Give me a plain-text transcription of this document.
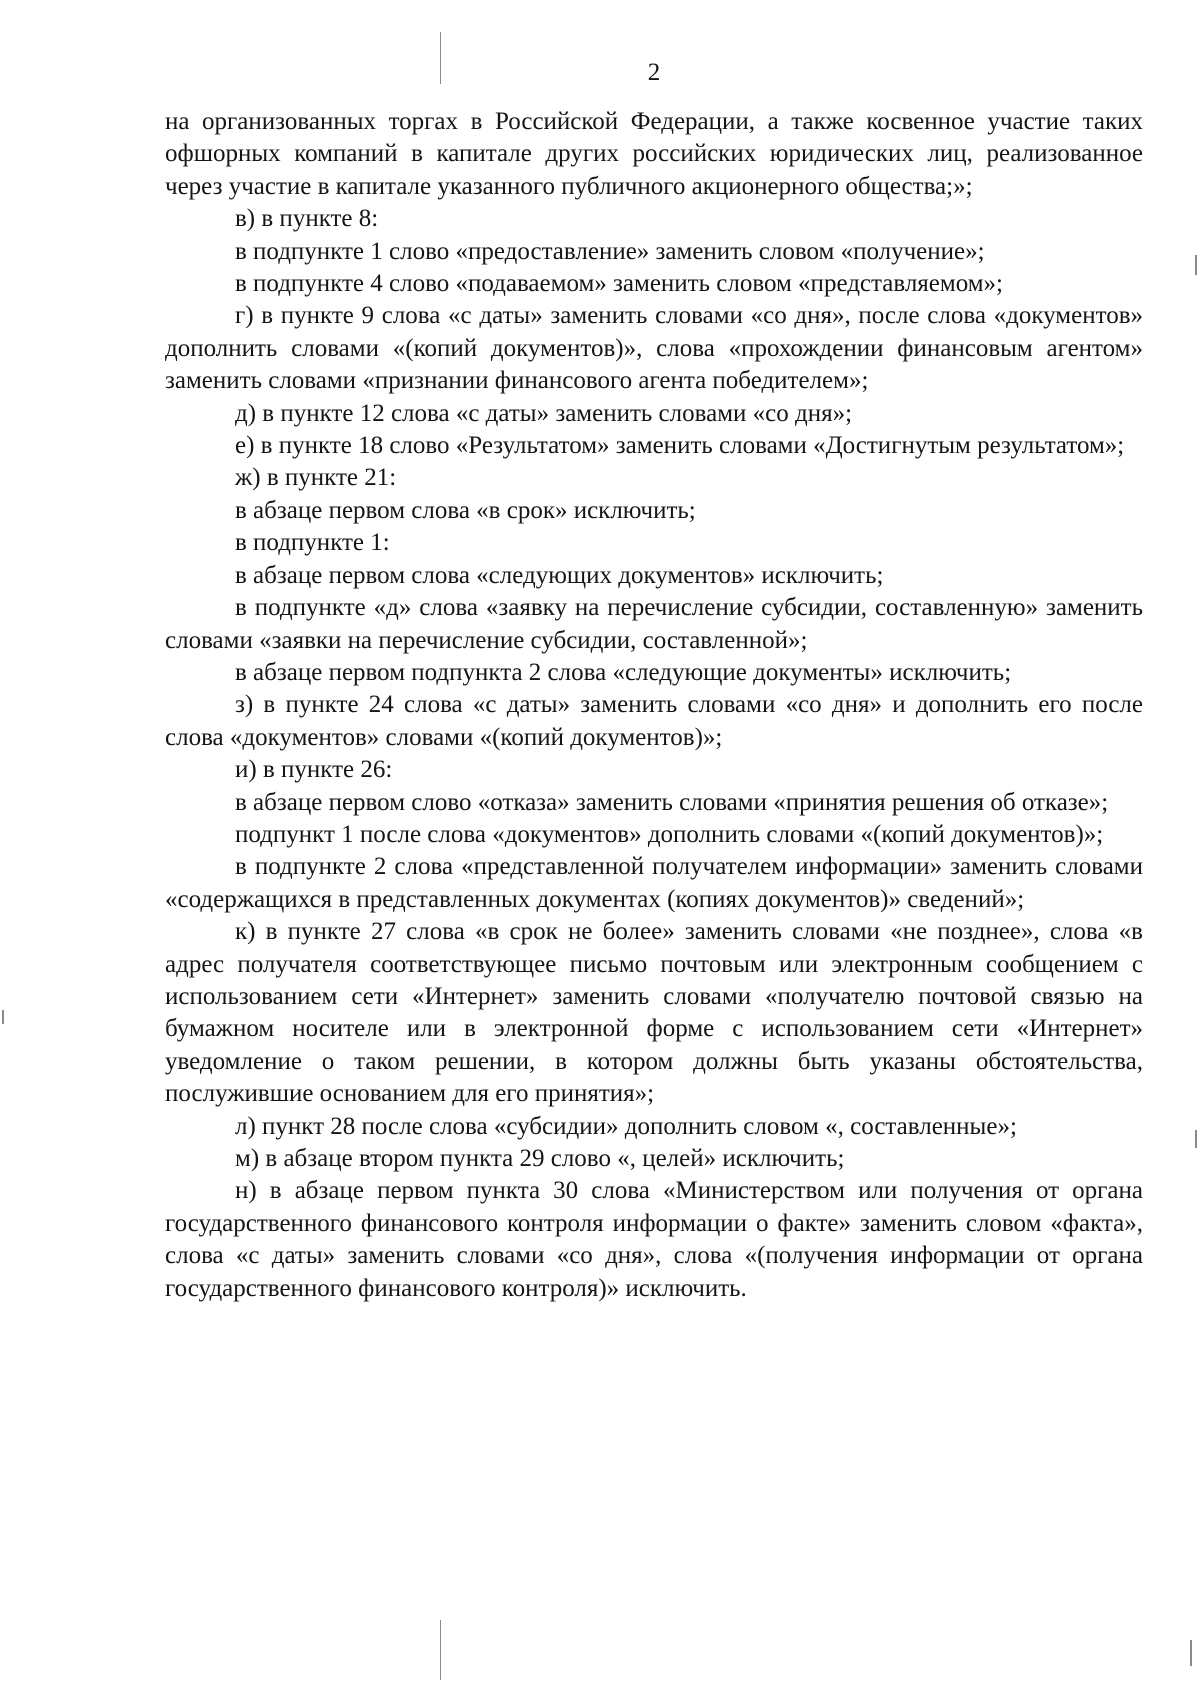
2

на организованных торгах в Российской Федерации, а также косвенное участие таких офшорных компаний в капитале других российских юридических лиц, реализованное через участие в капитале указанного публичного акционерного общества;»;

в) в пункте 8:

в подпункте 1 слово «предоставление» заменить словом «получение»;

в подпункте 4 слово «подаваемом» заменить словом «представляемом»;

г) в пункте 9 слова «с даты» заменить словами «со дня», после слова «документов» дополнить словами «(копий документов)», слова «прохождении финансовым агентом» заменить словами «признании финансового агента победителем»;

д) в пункте 12 слова «с даты» заменить словами «со дня»;

е) в пункте 18 слово «Результатом» заменить словами «Достигнутым результатом»;

ж) в пункте 21:

в абзаце первом слова «в срок» исключить;

в подпункте 1:

в абзаце первом слова «следующих документов» исключить;

в подпункте «д» слова «заявку на перечисление субсидии, составленную» заменить словами «заявки на перечисление субсидии, составленной»;

в абзаце первом подпункта 2 слова «следующие документы» исключить;

з) в пункте 24 слова «с даты» заменить словами «со дня» и дополнить его после слова «документов» словами «(копий документов)»;

и) в пункте 26:

в абзаце первом слово «отказа» заменить словами «принятия решения об отказе»;

подпункт 1 после слова «документов» дополнить словами «(копий документов)»;

в подпункте 2 слова «представленной получателем информации» заменить словами «содержащихся в представленных документах (копиях документов)» сведений»;

к) в пункте 27 слова «в срок не более» заменить словами «не позднее», слова «в адрес получателя соответствующее письмо почтовым или электронным сообщением с использованием сети «Интернет» заменить словами «получателю почтовой связью на бумажном носителе или в электронной форме с использованием сети «Интернет» уведомление о таком решении, в котором должны быть указаны обстоятельства, послужившие основанием для его принятия»;

л) пункт 28 после слова «субсидии» дополнить словом «, составленные»;

м) в абзаце втором пункта 29 слово «, целей» исключить;

н) в абзаце первом пункта 30 слова «Министерством или получения от органа государственного финансового контроля информации о факте» заменить словом «факта», слова «с даты» заменить словами «со дня», слова «(получения информации от органа государственного финансового контроля)» исключить.
